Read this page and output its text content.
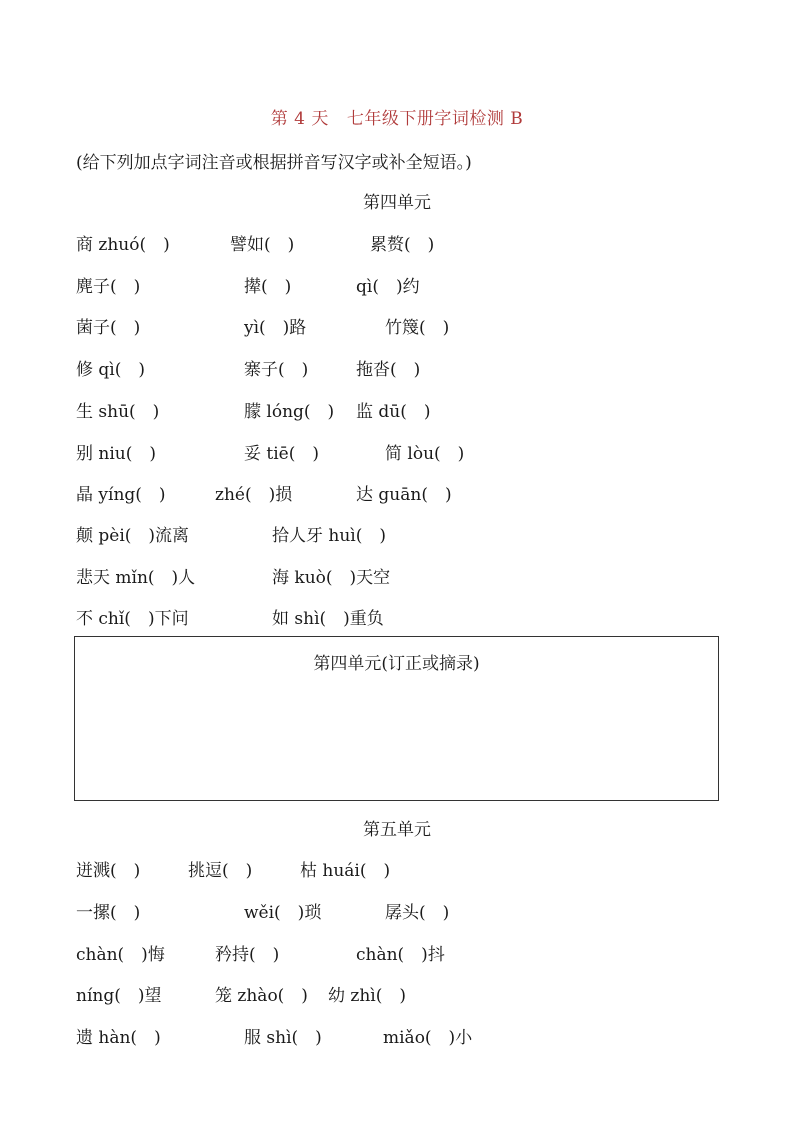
第 4 天 七年级下册字词检测 B
(给下列加点字词注音或根据拼音写汉字或补全短语。)
第四单元
商 zhuó(　)	譬如(　)	累赘(　)
麂子(　)	撵(　)	qì(　)约
菌子(　)	yì(　)路	竹篾(　)
修 qì(　)	寨子(　)	拖沓(　)
生 shū(　)	朦 lóng(　) 监 dū(　)
别 niu(　)	妥 tiē(　)	简 lòu(　)
晶 yíng(　)	zhé(　)损	达 guān(　)
颠 pèi(　)流离	拾人牙 huì(　)
悲天 mǐn(　)人	海 kuò(　)天空
不 chǐ(　)下问	如 shì(　)重负
第四单元(订正或摘录)
第五单元
迸溅(　)	挑逗(　)	枯 huái(　)
一摞(　)	wěi(　)琐	孱头(　)
chàn(　)悔	矜持(　)	chàn(　)抖
níng(　)望	笼 zhào(　) 幼 zhì(　)
遗 hàn(　)	服 shì(　)	miǎo(　)小
